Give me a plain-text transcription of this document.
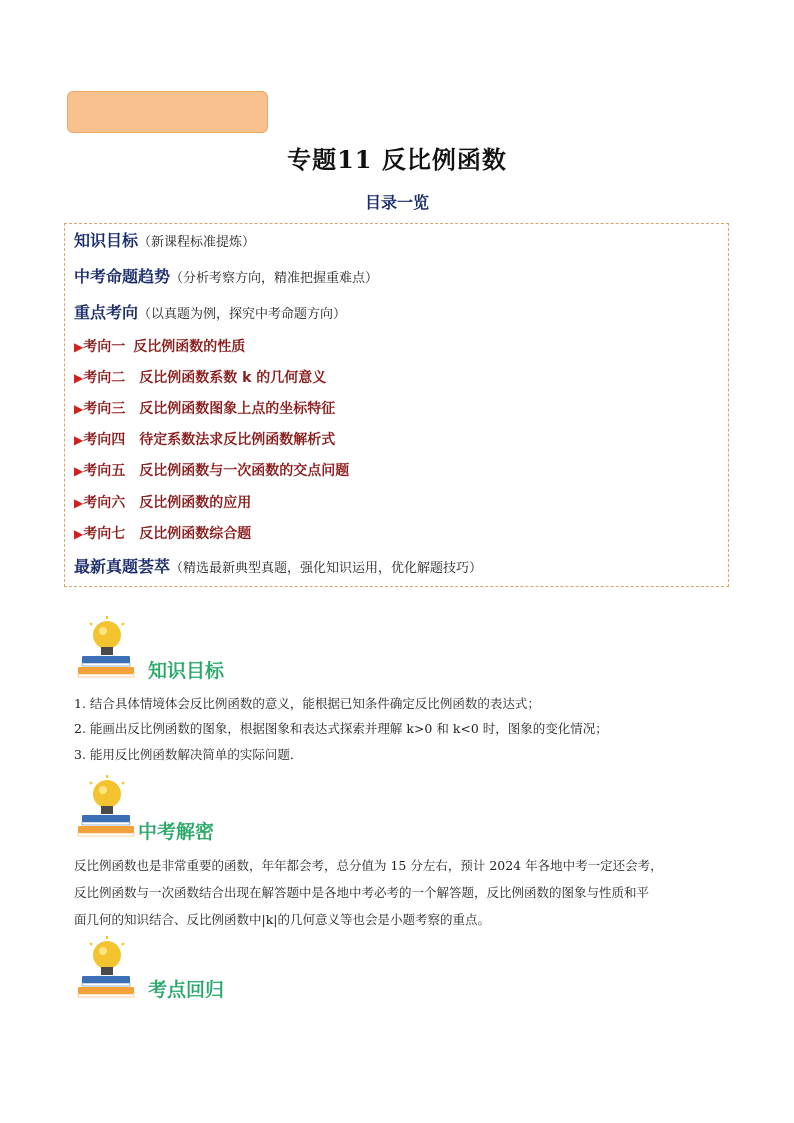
专题11 反比例函数
目录一览
知识目标（新课程标准提炼）
中考命题趋势（分析考察方向，精准把握重难点）
重点考向（以真题为例，探究中考命题方向）
▶考向一 反比例函数的性质
▶考向二 反比例函数系数 k 的几何意义
▶考向三 反比例函数图象上点的坐标特征
▶考向四 待定系数法求反比例函数解析式
▶考向五 反比例函数与一次函数的交点问题
▶考向六 反比例函数的应用
▶考向七 反比例函数综合题
最新真题荟萃（精选最新典型真题，强化知识运用，优化解题技巧）
知识目标
1. 结合具体情境体会反比例函数的意义，能根据已知条件确定反比例函数的表达式；
2. 能画出反比例函数的图象，根据图象和表达式探索并理解 k>0 和 k<0 时，图象的变化情况；
3. 能用反比例函数解决简单的实际问题．
中考解密
反比例函数也是非常重要的函数，年年都会考，总分值为 15 分左右，预计 2024 年各地中考一定还会考，
反比例函数与一次函数结合出现在解答题中是各地中考必考的一个解答题，反比例函数的图象与性质和平
面几何的知识结合、反比例函数中|k|的几何意义等也会是小题考察的重点。
考点回归
